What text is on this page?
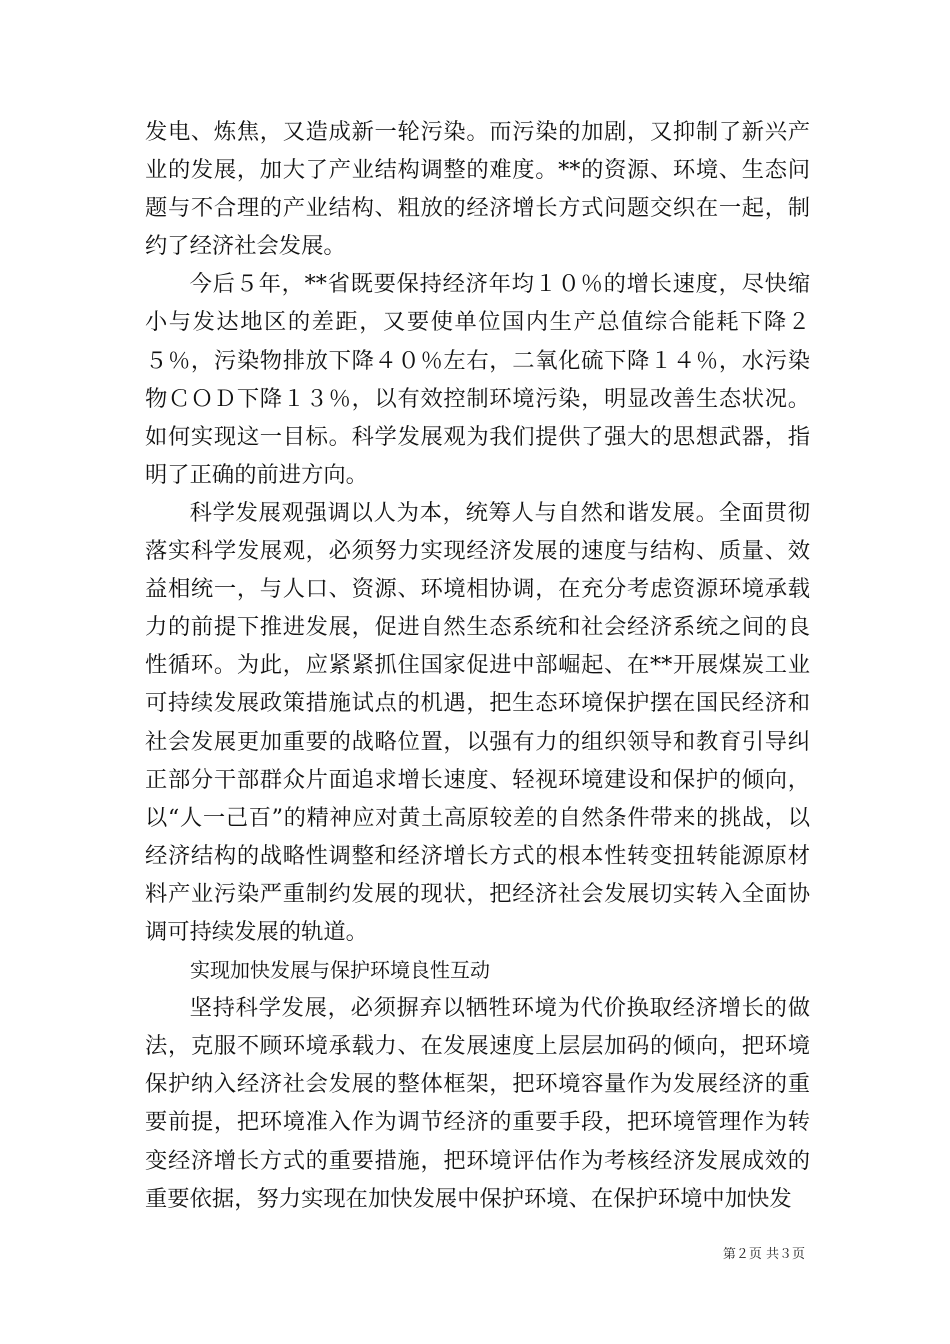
发电、炼焦，又造成新一轮污染。而污染的加剧，又抑制了新兴产业的发展，加大了产业结构调整的难度。**的资源、环境、生态问题与不合理的产业结构、粗放的经济增长方式问题交织在一起，制约了经济社会发展。

今后５年，**省既要保持经济年均１０％的增长速度，尽快缩小与发达地区的差距，又要使单位国内生产总值综合能耗下降２５％，污染物排放下降４０％左右，二氧化硫下降１４％，水污染物ＣＯＤ下降１３％，以有效控制环境污染，明显改善生态状况。如何实现这一目标。科学发展观为我们提供了强大的思想武器，指明了正确的前进方向。

科学发展观强调以人为本，统筹人与自然和谐发展。全面贯彻落实科学发展观，必须努力实现经济发展的速度与结构、质量、效益相统一，与人口、资源、环境相协调，在充分考虑资源环境承载力的前提下推进发展，促进自然生态系统和社会经济系统之间的良性循环。为此，应紧紧抓住国家促进中部崛起、在**开展煤炭工业可持续发展政策措施试点的机遇，把生态环境保护摆在国民经济和社会发展更加重要的战略位置，以强有力的组织领导和教育引导纠正部分干部群众片面追求增长速度、轻视环境建设和保护的倾向，以“人一己百”的精神应对黄土高原较差的自然条件带来的挑战，以经济结构的战略性调整和经济增长方式的根本性转变扭转能源原材料产业污染严重制约发展的现状，把经济社会发展切实转入全面协调可持续发展的轨道。

实现加快发展与保护环境良性互动

坚持科学发展，必须摒弃以牺牲环境为代价换取经济增长的做法，克服不顾环境承载力、在发展速度上层层加码的倾向，把环境保护纳入经济社会发展的整体框架，把环境容量作为发展经济的重要前提，把环境准入作为调节经济的重要手段，把环境管理作为转变经济增长方式的重要措施，把环境评估作为考核经济发展成效的重要依据，努力实现在加快发展中保护环境、在保护环境中加快发

第２页 共３页
